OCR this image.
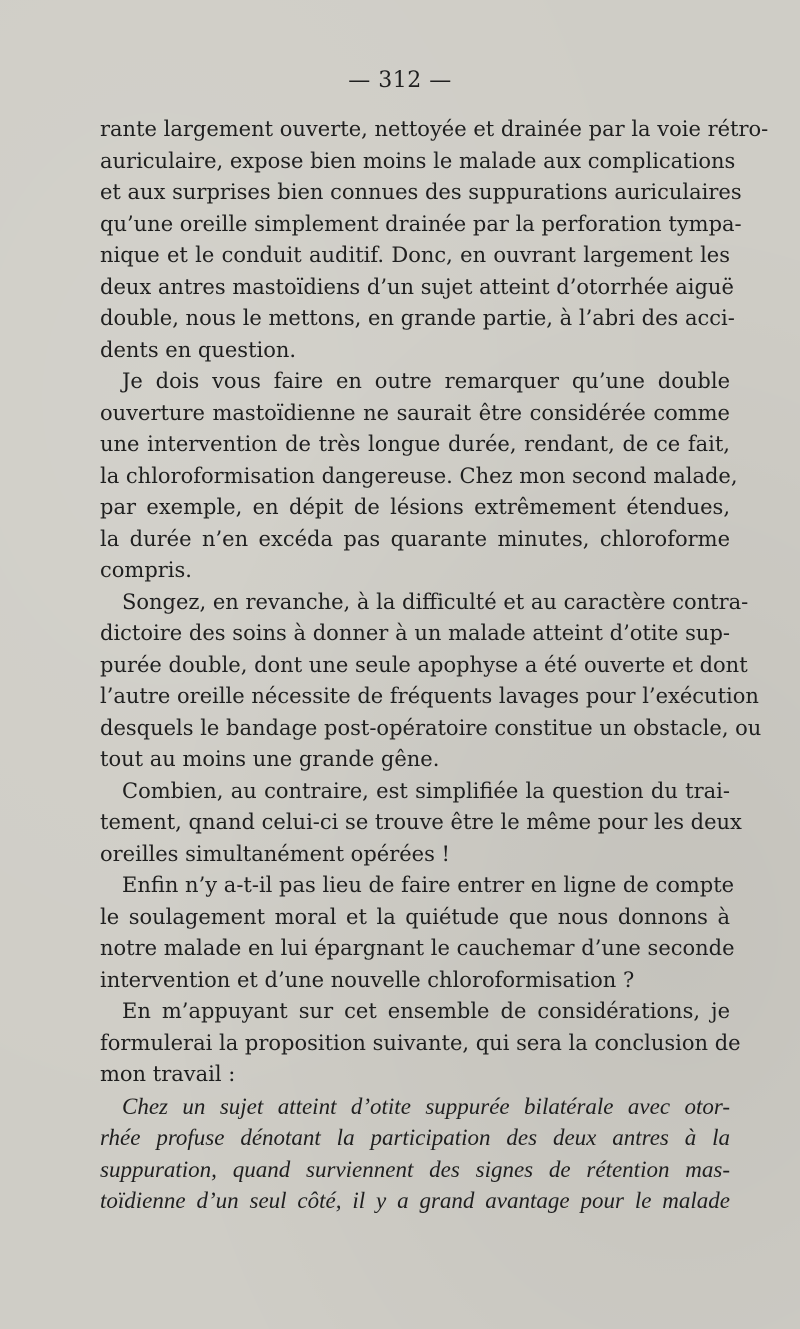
— 312 —
rante largement ouverte, nettoyée et drainée par la voie rétro-
auriculaire, expose bien moins le malade aux complications
et aux surprises bien connues des suppurations auriculaires
qu’une oreille simplement drainée par la perforation tympa-
nique et le conduit auditif. Donc, en ouvrant largement les
deux antres mastoïdiens d’un sujet atteint d’otorrhée aiguë
double, nous le mettons, en grande partie, à l’abri des acci-
dents en question.
Je dois vous faire en outre remarquer qu’une double
ouverture mastoïdienne ne saurait être considérée comme
une intervention de très longue durée, rendant, de ce fait,
la chloroformisation dangereuse. Chez mon second malade,
par exemple, en dépit de lésions extrêmement étendues,
la durée n’en excéda pas quarante minutes, chloroforme
compris.
Songez, en revanche, à la difficulté et au caractère contra-
dictoire des soins à donner à un malade atteint d’otite sup-
purée double, dont une seule apophyse a été ouverte et dont
l’autre oreille nécessite de fréquents lavages pour l’exécution
desquels le bandage post-opératoire constitue un obstacle, ou
tout au moins une grande gêne.
Combien, au contraire, est simplifiée la question du trai-
tement, qnand celui-ci se trouve être le même pour les deux
oreilles simultanément opérées !
Enfin n’y a-t-il pas lieu de faire entrer en ligne de compte
le soulagement moral et la quiétude que nous donnons à
notre malade en lui épargnant le cauchemar d’une seconde
intervention et d’une nouvelle chloroformisation ?
En m’appuyant sur cet ensemble de considérations, je
formulerai la proposition suivante, qui sera la conclusion de
mon travail :
Chez un sujet atteint d’otite suppurée bilatérale avec otor-
rhée profuse dénotant la participation des deux antres à la
suppuration, quand surviennent des signes de rétention mas-
toïdienne d’un seul côté, il y a grand avantage pour le malade
